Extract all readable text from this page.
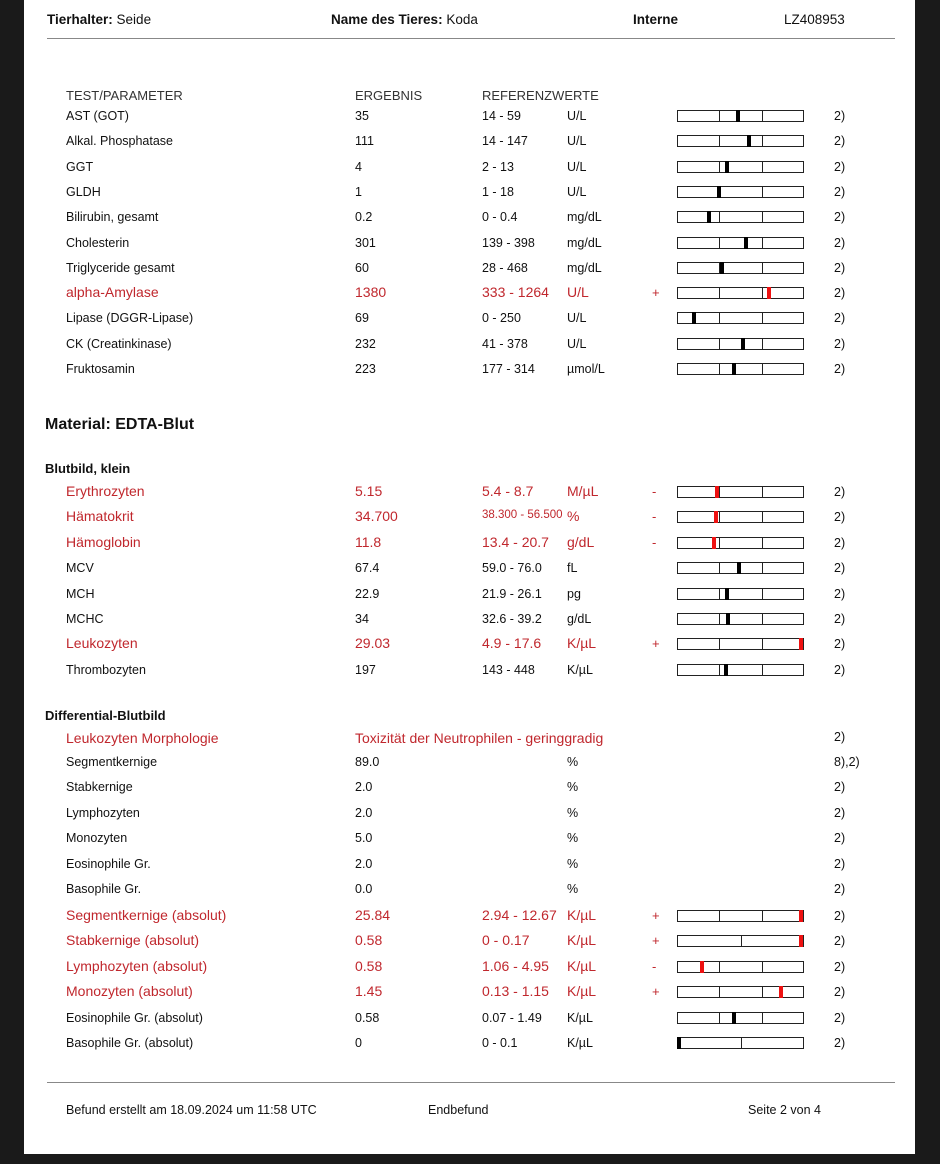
Tierhalter: Seide	Name des Tieres: Koda	Interne	LZ408953
TEST/PARAMETER	ERGEBNIS	REFERENZWERTE
AST (GOT)	35	14 - 59	U/L	2)
Alkal. Phosphatase	111	14 - 147	U/L	2)
GGT	4	2 - 13	U/L	2)
GLDH	1	1 - 18	U/L	2)
Bilirubin, gesamt	0.2	0 - 0.4	mg/dL	2)
Cholesterin	301	139 - 398	mg/dL	2)
Triglyceride gesamt	60	28 - 468	mg/dL	2)
alpha-Amylase	1380	333 - 1264 U/L	+	2)
Lipase (DGGR-Lipase)	69	0 - 250	U/L	2)
CK (Creatinkinase)	232	41 - 378	U/L	2)
Fruktosamin	223	177 - 314	µmol/L	2)
Material: EDTA-Blut
Blutbild, klein
Erythrozyten	5.15	5.4 - 8.7 M/µL	-	2)
Hämatokrit	34.700	38.300 - 56.500 %	-	2)
Hämoglobin	11.8	13.4 - 20.7 g/dL	-	2)
MCV	67.4	59.0 - 76.0 fL	2)
MCH	22.9	21.9 - 26.1 pg	2)
MCHC	34	32.6 - 39.2 g/dL	2)
Leukozyten	29.03	4.9 - 17.6 K/µL	+	2)
Thrombozyten	197	143 - 448	K/µL	2)
Differential-Blutbild
Leukozyten Morphologie	Toxizität der Neutrophilen - geringgradig	2)
Segmentkernige	89.0	%	8),2)
Stabkernige	2.0	%	2)
Lymphozyten	2.0	%	2)
Monozyten	5.0	%	2)
Eosinophile Gr.	2.0	%	2)
Basophile Gr.	0.0	%	2)
Segmentkernige (absolut)	25.84	2.94 - 12.67 K/µL	+	2)
Stabkernige (absolut)	0.58	0 - 0.17	K/µL	+	2)
Lymphozyten (absolut)	0.58	1.06 - 4.95 K/µL	-	2)
Monozyten (absolut)	1.45	0.13 - 1.15 K/µL	+	2)
Eosinophile Gr. (absolut)	0.58	0.07 - 1.49 K/µL	2)
Basophile Gr. (absolut)	0	0 - 0.1	K/µL	2)
Befund erstellt am 18.09.2024 um 11:58 UTC	Endbefund	Seite 2 von 4
